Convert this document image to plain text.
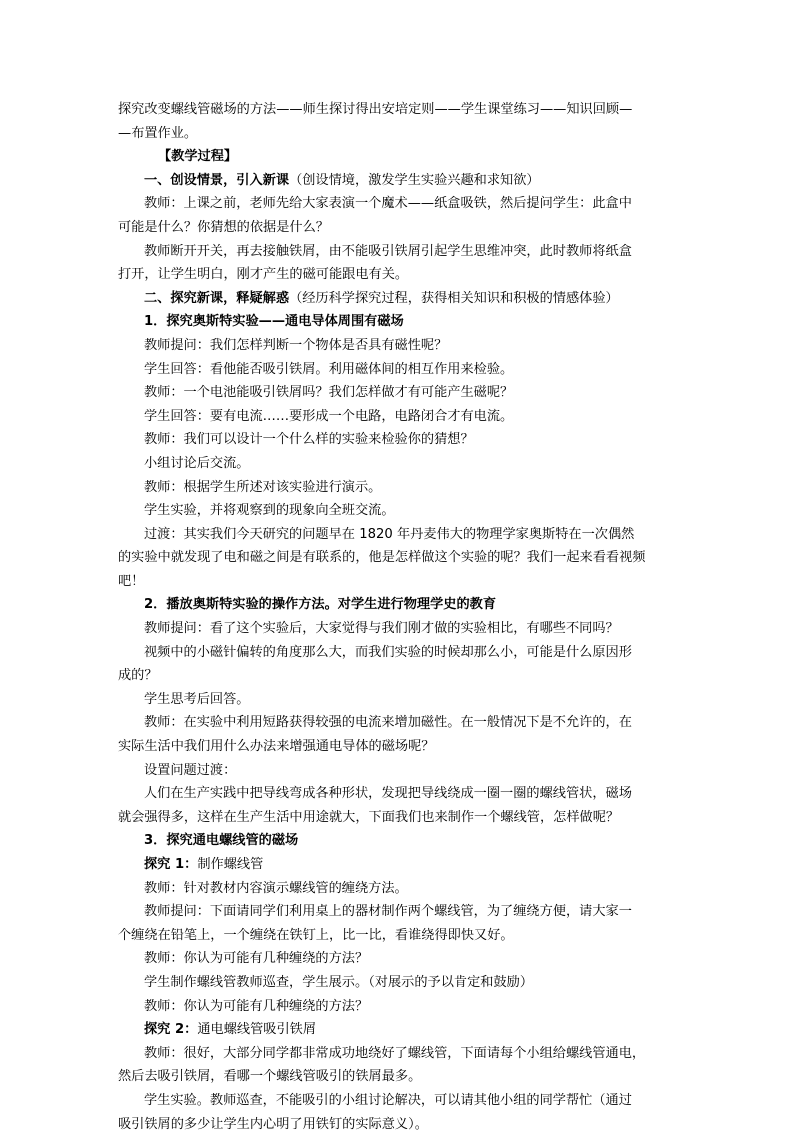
探究改变螺线管磁场的方法——师生探讨得出安培定则——学生课堂练习——知识回顾—
—布置作业。
【教学过程】
一、创设情景，引入新课（创设情境，激发学生实验兴趣和求知欲）
教师：上课之前，老师先给大家表演一个魔术——纸盒吸铁，然后提问学生：此盒中
可能是什么？你猜想的依据是什么？
教师断开开关，再去接触铁屑，由不能吸引铁屑引起学生思维冲突，此时教师将纸盒
打开，让学生明白，刚才产生的磁可能跟电有关。
二、探究新课，释疑解惑（经历科学探究过程，获得相关知识和积极的情感体验）
1．探究奥斯特实验——通电导体周围有磁场
教师提问：我们怎样判断一个物体是否具有磁性呢？
学生回答：看他能否吸引铁屑。利用磁体间的相互作用来检验。
教师：一个电池能吸引铁屑吗？我们怎样做才有可能产生磁呢？
学生回答：要有电流……要形成一个电路，电路闭合才有电流。
教师：我们可以设计一个什么样的实验来检验你的猜想？
小组讨论后交流。
教师：根据学生所述对该实验进行演示。
学生实验，并将观察到的现象向全班交流。
过渡：其实我们今天研究的问题早在 1820 年丹麦伟大的物理学家奥斯特在一次偶然
的实验中就发现了电和磁之间是有联系的，他是怎样做这个实验的呢？我们一起来看看视频
吧！
2．播放奥斯特实验的操作方法。对学生进行物理学史的教育
教师提问：看了这个实验后，大家觉得与我们刚才做的实验相比，有哪些不同吗？
视频中的小磁针偏转的角度那么大，而我们实验的时候却那么小，可能是什么原因形
成的？
学生思考后回答。
教师：在实验中利用短路获得较强的电流来增加磁性。在一般情况下是不允许的，在
实际生活中我们用什么办法来增强通电导体的磁场呢？
设置问题过渡：
人们在生产实践中把导线弯成各种形状，发现把导线绕成一圈一圈的螺线管状，磁场
就会强得多，这样在生产生活中用途就大，下面我们也来制作一个螺线管，怎样做呢？
3．探究通电螺线管的磁场
探究 1：制作螺线管
教师：针对教材内容演示螺线管的缠绕方法。
教师提问：下面请同学们利用桌上的器材制作两个螺线管，为了缠绕方便，请大家一
个缠绕在铅笔上，一个缠绕在铁钉上，比一比，看谁绕得即快又好。
教师：你认为可能有几种缠绕的方法？
学生制作螺线管教师巡查，学生展示。（对展示的予以肯定和鼓励）
教师：你认为可能有几种缠绕的方法？
探究 2：通电螺线管吸引铁屑
教师：很好，大部分同学都非常成功地绕好了螺线管，下面请每个小组给螺线管通电，
然后去吸引铁屑，看哪一个螺线管吸引的铁屑最多。
学生实验。教师巡查，不能吸引的小组讨论解决，可以请其他小组的同学帮忙（通过
吸引铁屑的多少让学生内心明了用铁钉的实际意义）。
